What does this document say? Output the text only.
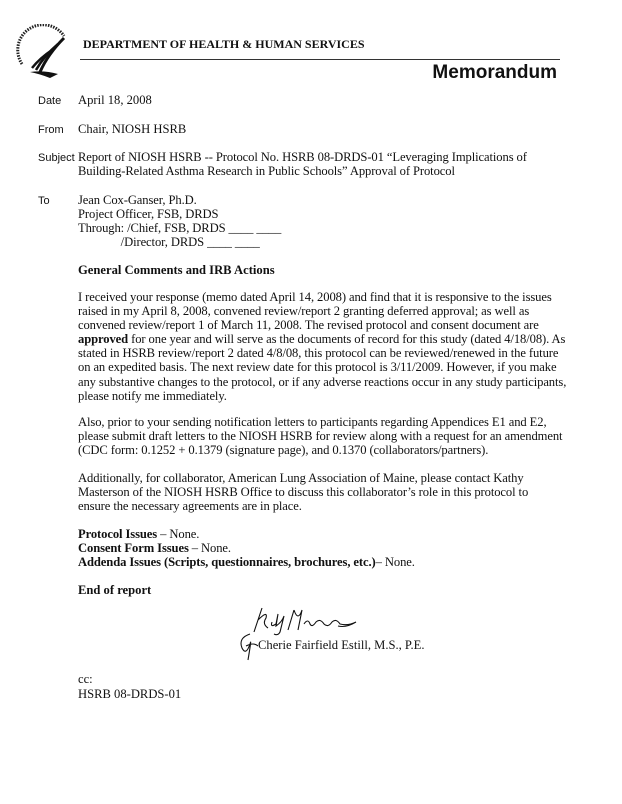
DEPARTMENT OF HEALTH & HUMAN SERVICES
Memorandum
Date April 18, 2008
From Chair, NIOSH HSRB
Subject Report of NIOSH HSRB -- Protocol No. HSRB 08-DRDS-01 “Leveraging Implications of
Building-Related Asthma Research in Public Schools” Approval of Protocol
To Jean Cox-Ganser, Ph.D.
Project Officer, FSB, DRDS
Through: /Chief, FSB, DRDS ____ ____
/Director, DRDS ____ ____
General Comments and IRB Actions
I received your response (memo dated April 14, 2008) and find that it is responsive to the issues
raised in my April 8, 2008, convened review/report 2 granting deferred approval; as well as
convened review/report 1 of March 11, 2008. The revised protocol and consent document are
approved for one year and will serve as the documents of record for this study (dated 4/18/08). As
stated in HSRB review/report 2 dated 4/8/08, this protocol can be reviewed/renewed in the future
on an expedited basis. The next review date for this protocol is 3/11/2009. However, if you make
any substantive changes to the protocol, or if any adverse reactions occur in any study participants,
please notify me immediately.
Also, prior to your sending notification letters to participants regarding Appendices E1 and E2,
please submit draft letters to the NIOSH HSRB for review along with a request for an amendment
(CDC form: 0.1252 + 0.1379 (signature page), and 0.1370 (collaborators/partners).
Additionally, for collaborator, American Lung Association of Maine, please contact Kathy
Masterson of the NIOSH HSRB Office to discuss this collaborator’s role in this protocol to
ensure the necessary agreements are in place.
Protocol Issues – None.
Consent Form Issues – None.
Addenda Issues (Scripts, questionnaires, brochures, etc.)– None.
End of report
Cherie Fairfield Estill, M.S., P.E.
cc:
HSRB 08-DRDS-01
